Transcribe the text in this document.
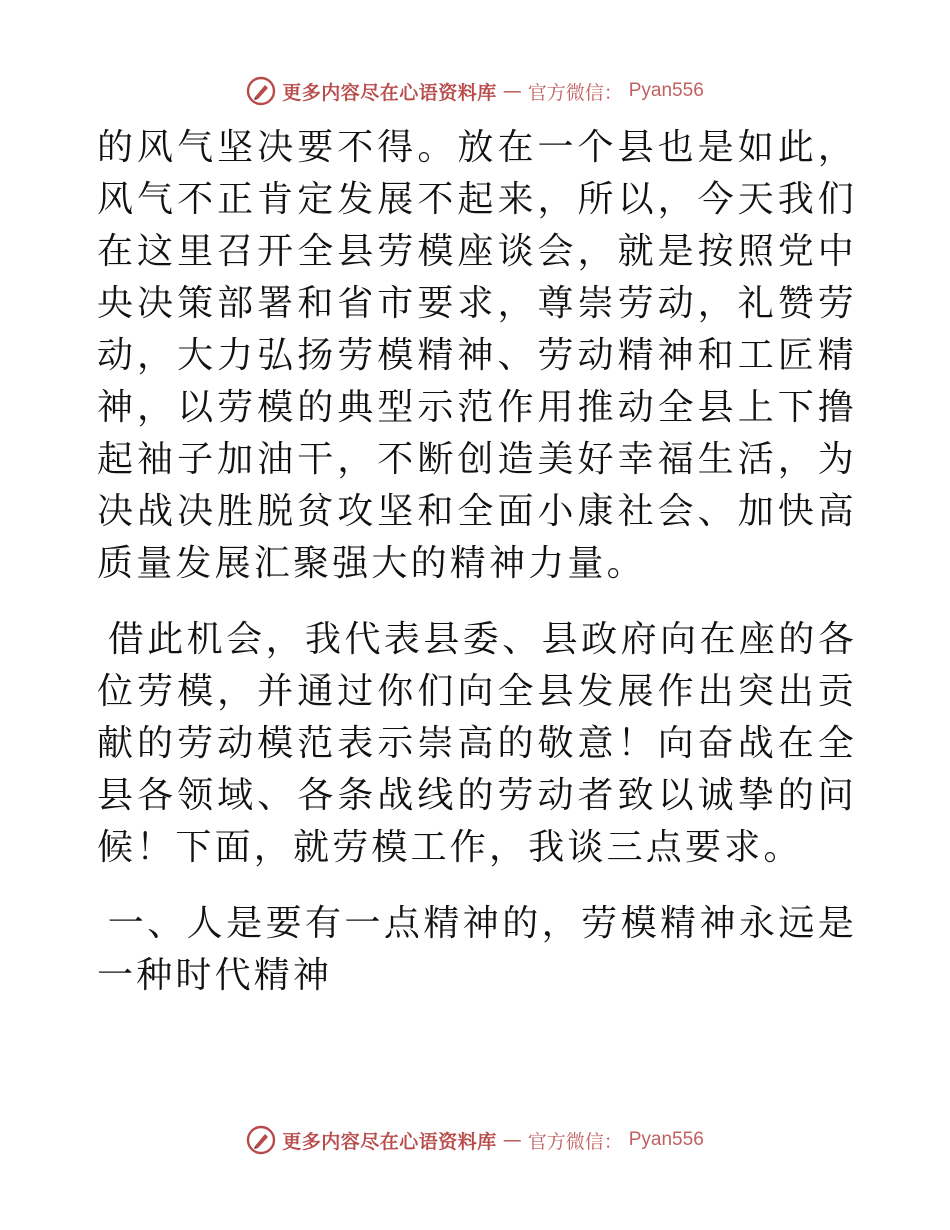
更多内容尽在心语资料库 — 官方微信： Pyan556

的风气坚决要不得。放在一个县也是如此，风气不正肯定发展不起来，所以，今天我们在这里召开全县劳模座谈会，就是按照党中央决策部署和省市要求，尊崇劳动，礼赞劳动，大力弘扬劳模精神、劳动精神和工匠精神，以劳模的典型示范作用推动全县上下撸起袖子加油干，不断创造美好幸福生活，为决战决胜脱贫攻坚和全面小康社会、加快高质量发展汇聚强大的精神力量。

借此机会，我代表县委、县政府向在座的各位劳模，并通过你们向全县发展作出突出贡献的劳动模范表示崇高的敬意！向奋战在全县各领域、各条战线的劳动者致以诚挚的问候！下面，就劳模工作，我谈三点要求。

一、人是要有一点精神的，劳模精神永远是一种时代精神

更多内容尽在心语资料库 — 官方微信： Pyan556
